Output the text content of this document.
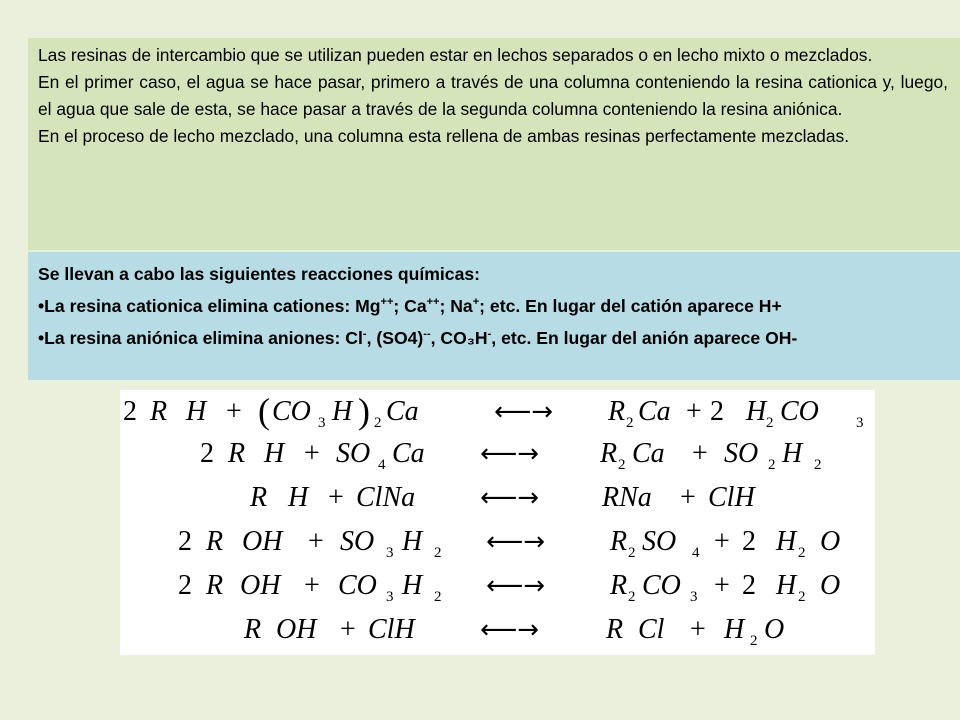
Las resinas de intercambio que se utilizan pueden estar en lechos separados o en lecho mixto o mezclados.

En el primer caso, el agua se hace pasar, primero a través de una columna conteniendo la resina cationica y, luego, el agua que sale de esta, se hace pasar a través de la segunda columna conteniendo la resina aniónica.

En el proceso de lecho mezclado, una columna esta rellena de ambas resinas perfectamente mezcladas.

Se llevan a cabo las siguientes reacciones químicas:
•La resina cationica elimina cationes: Mg++; Ca++; Na+; etc. En lugar del catión aparece H+
•La resina aniónica elimina aniones: Cl-, (SO4)--, CO₃H-, etc. En lugar del anión aparece OH-
2 R H + ( CO 3 H ) 2 Ca	⟵→ R 2 Ca + 2 H 2 CO 3
2 R H + SO 4 Ca ⟵→ R 2 Ca + SO 2 H 2
R H + ClNa ⟵→ RNa + ClH
2 R OH + SO 3 H 2 ⟵→ R 2 SO 4 + 2 H 2 O
2 R OH + CO 3 H 2 ⟵→ R 2 CO 3 + 2 H 2 O
R OH + ClH	⟵→ R Cl + H 2 O
